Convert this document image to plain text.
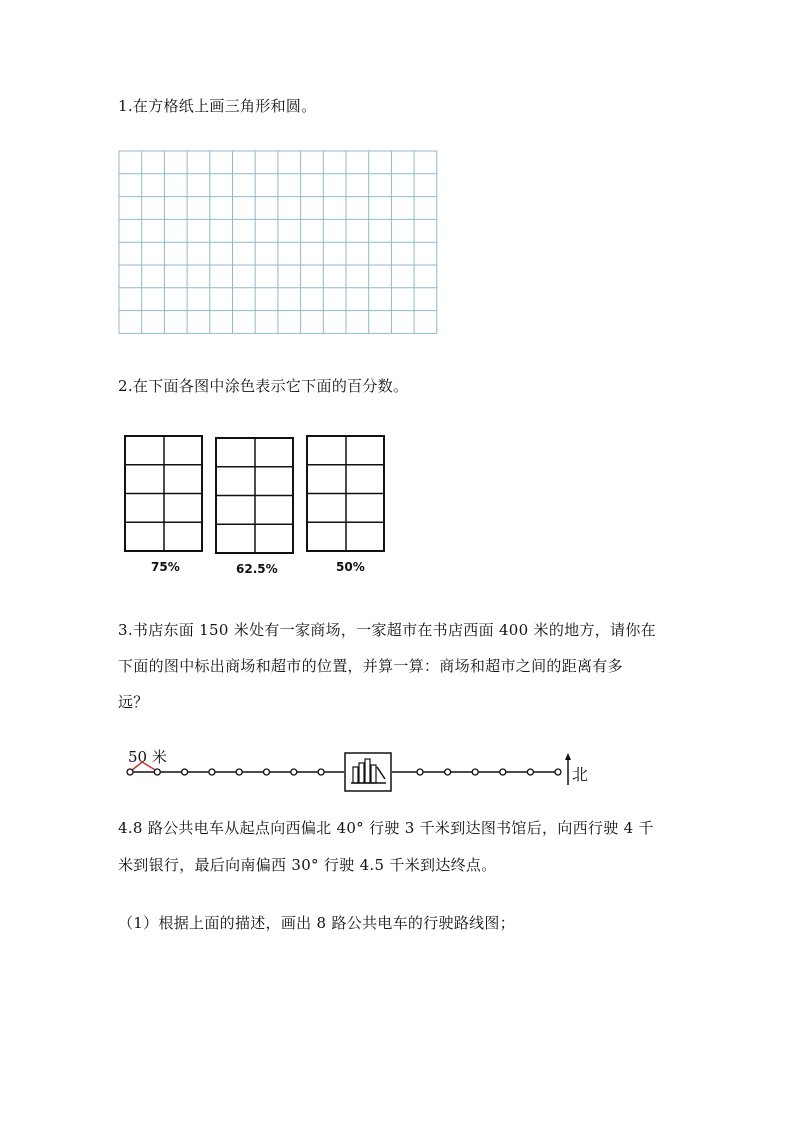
1.在方格纸上画三角形和圆。
2.在下面各图中涂色表示它下面的百分数。
75%	62.5%	50%
3.书店东面 150 米处有一家商场，一家超市在书店西面 400 米的地方，请你在
下面的图中标出商场和超市的位置，并算一算：商场和超市之间的距离有多
远？
50 米
北
4.8 路公共电车从起点向西偏北 40° 行驶 3 千米到达图书馆后，向西行驶 4 千
米到银行，最后向南偏西 30° 行驶 4.5 千米到达终点。
（1）根据上面的描述，画出 8 路公共电车的行驶路线图；
